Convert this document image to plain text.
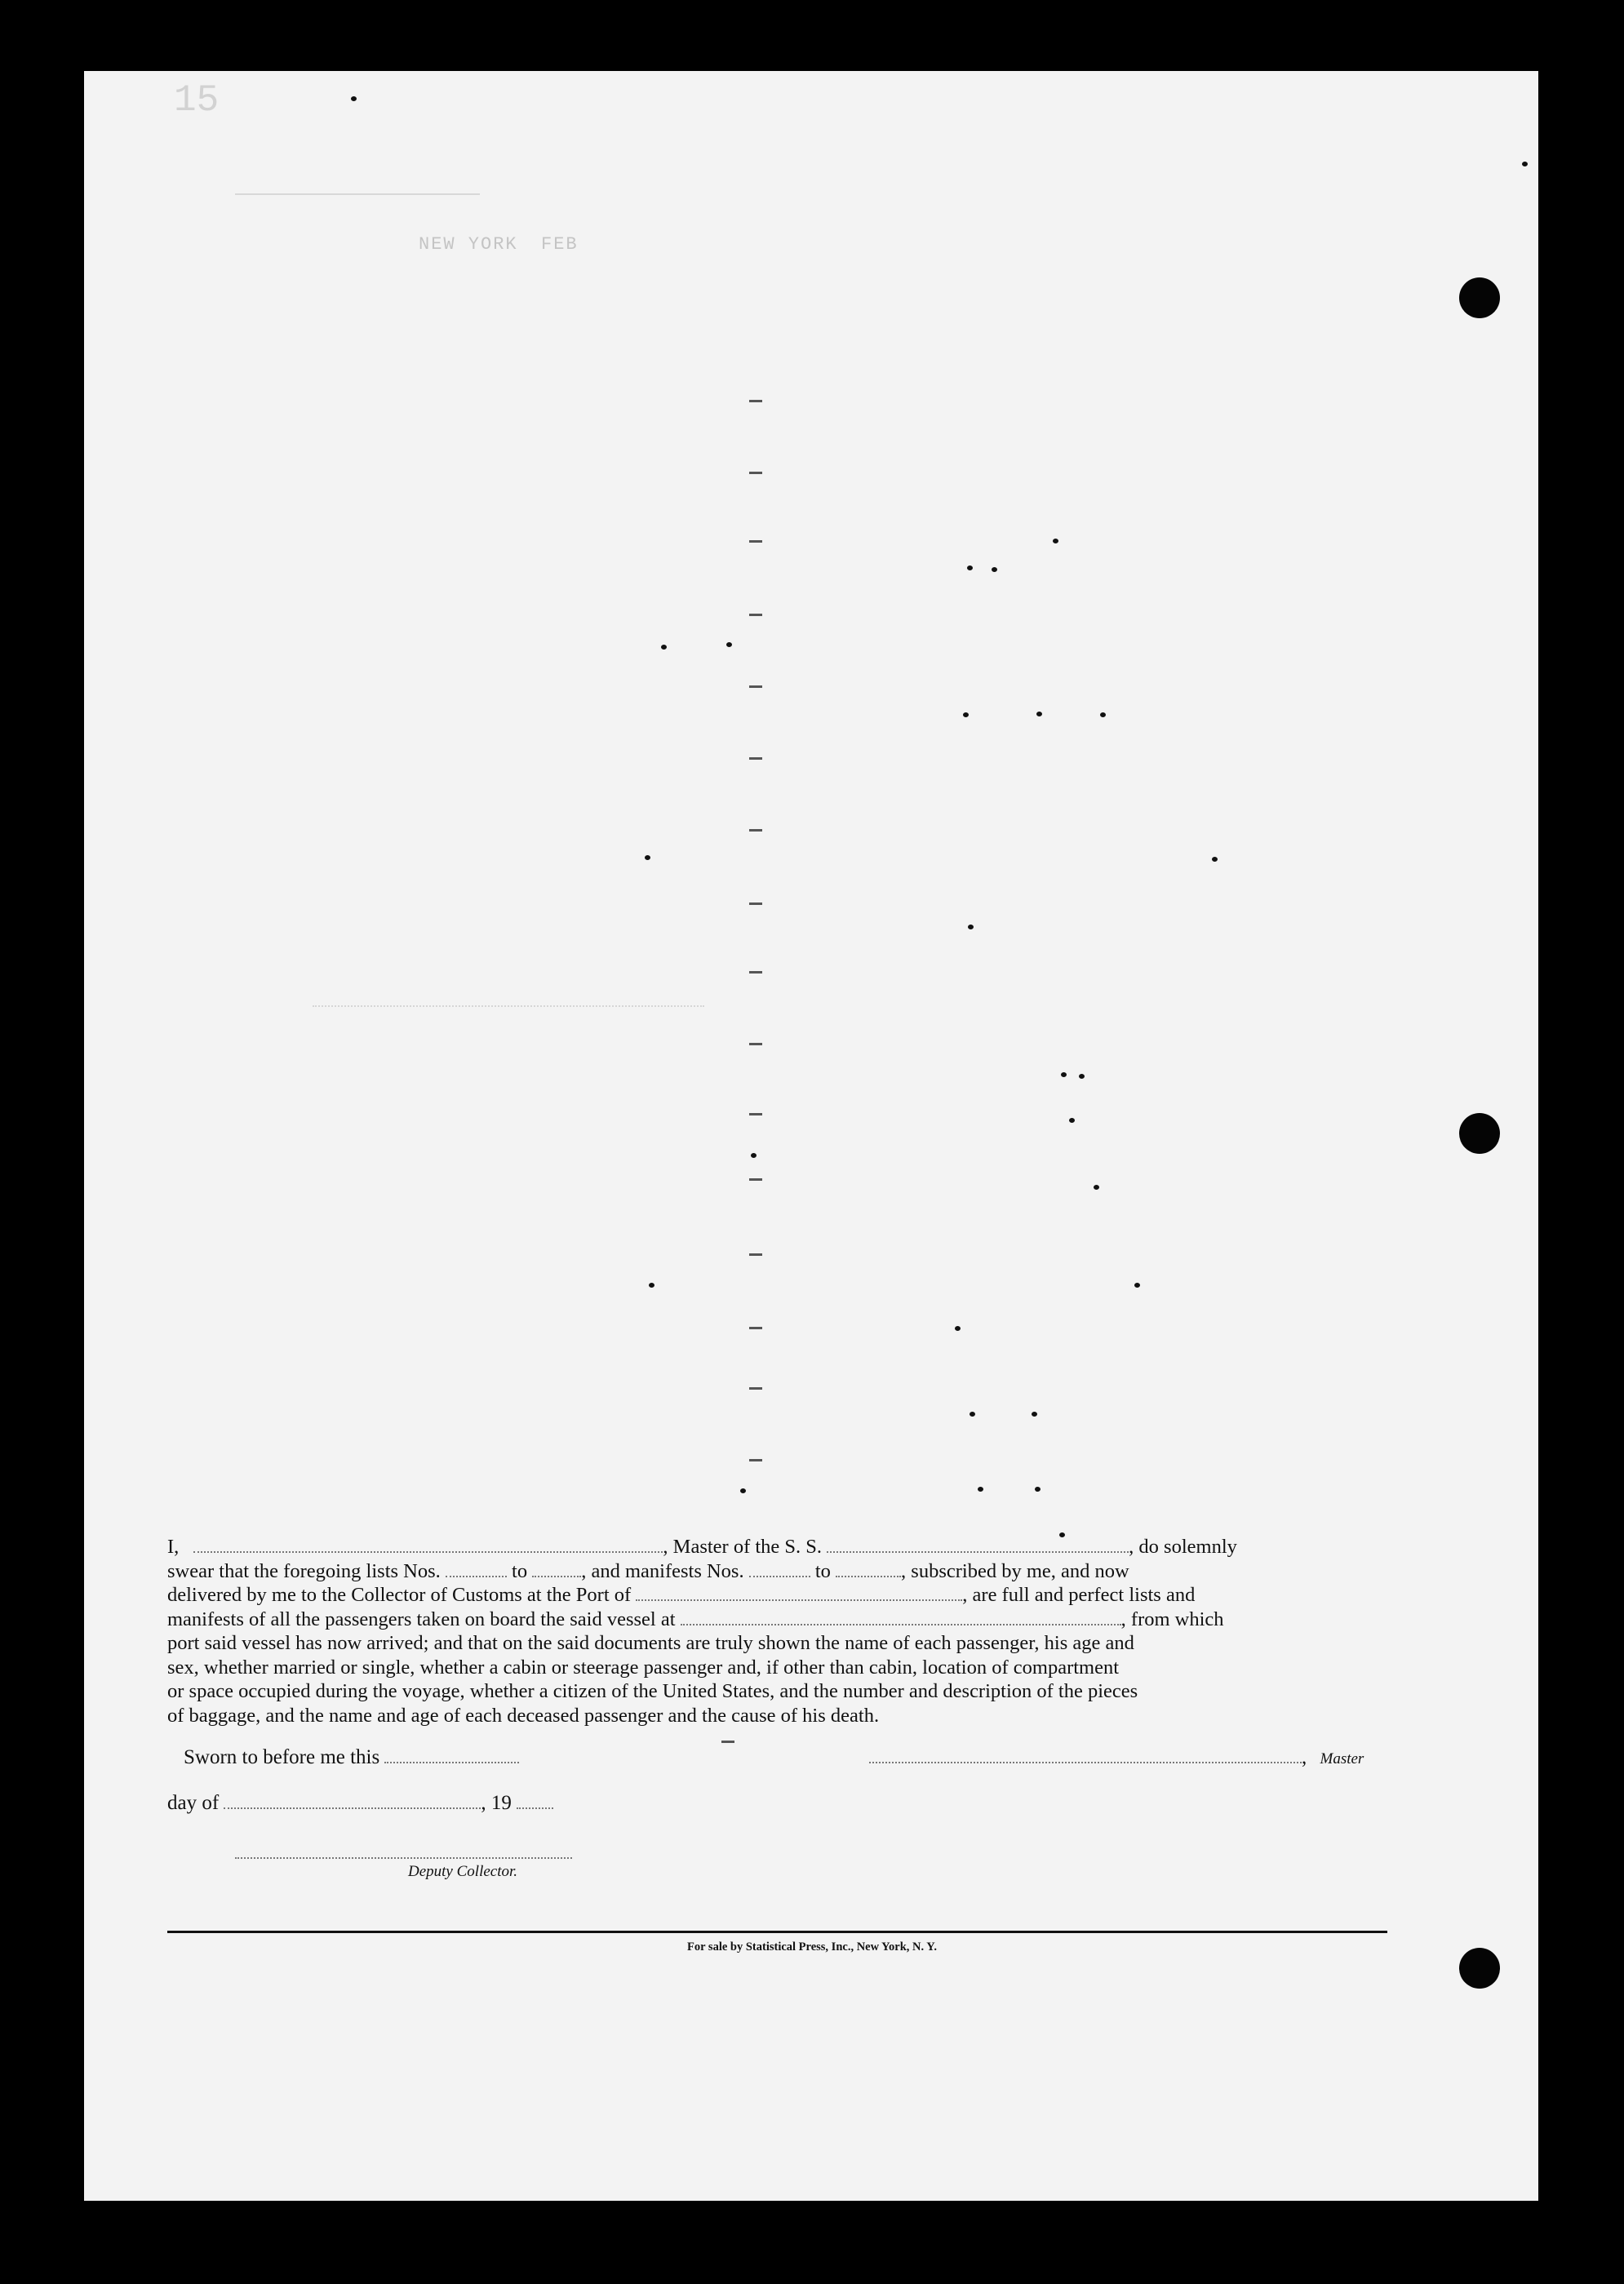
15
NEW YORK FEB
I,	, Master of the S. S.	, do solemnly
swear that the foregoing lists Nos.	to	, and manifests Nos.	to	, subscribed by me, and now
delivered by me to the Collector of Customs at the Port of	, are full and perfect lists and
manifests of all the passengers taken on board the said vessel at	, from which
port said vessel has now arrived; and that on the said documents are truly shown the name of each passenger, his age and
sex, whether married or single, whether a cabin or steerage passenger and, if other than cabin, location of compartment
or space occupied during the voyage, whether a citizen of the United States, and the number and description of the pieces
of baggage, and the name and age of each deceased passenger and the cause of his death.
Sworn to before me this	, Master
day of	, 19
Deputy Collector.
For sale by Statistical Press, Inc., New York, N. Y.
